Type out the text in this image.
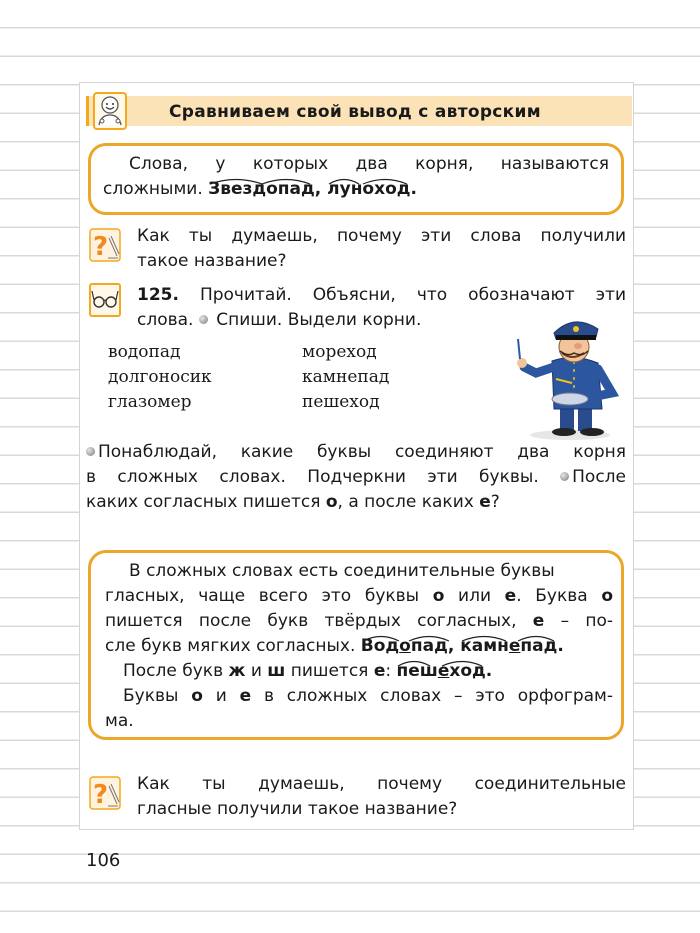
Сравниваем свой вывод с авторским
Слова, у которых два корня, называются
сложными.
Звездопад,
луноход.
? Как ты думаешь, почему эти слова получили
такое название?
125. Прочитай. Объясни, что обозначают эти
слова.  Спиши. Выдели корни.
водопад
долгоносик
глазомер
мореход
камнепад
пешеход
Понаблюдай, какие буквы соединяют два корня
в сложных словах. Подчеркни эти буквы. После
каких согласных пишется о, а после каких е?
В сложных словах есть соединительные буквы
гласных, чаще всего это буквы о или е. Буква о
пишется после букв твёрдых согласных, е – по-
сле букв мягких согласных.
Водопад,
камнепад.
После букв ж и ш пишется е:
пешеход.
Буквы о и е в сложных словах – это орфограм-
ма.
? Как ты думаешь, почему соединительные
гласные получили такое название?
106
